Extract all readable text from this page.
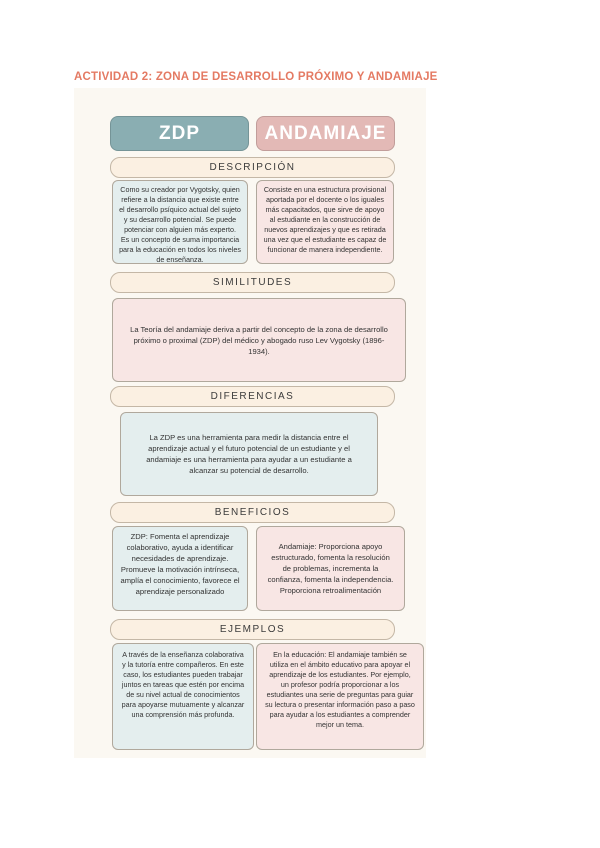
ACTIVIDAD 2: ZONA DE DESARROLLO PRÓXIMO Y ANDAMIAJE
ZDP	ANDAMIAJE
DESCRIPCIÓN
Como su creador por Vygotsky, quien refiere a la distancia que existe entre el desarrollo psíquico actual del sujeto y su desarrollo potencial. Se puede potenciar con alguien más experto. Es un concepto de suma importancia para la educación en todos los niveles de enseñanza.
Consiste en una estructura provisional aportada por el docente o los iguales más capacitados, que sirve de apoyo al estudiante en la construcción de nuevos aprendizajes y que es retirada una vez que el estudiante es capaz de funcionar de manera independiente.
SIMILITUDES
La Teoría del andamiaje deriva a partir del concepto de la zona de desarrollo próximo o proximal (ZDP) del médico y abogado ruso Lev Vygotsky (1896-1934).
DIFERENCIAS
La ZDP es una herramienta para medir la distancia entre el aprendizaje actual y el futuro potencial de un estudiante y el andamiaje es una herramienta para ayudar a un estudiante a alcanzar su potencial de desarrollo.
BENEFICIOS
ZDP: Fomenta el aprendizaje colaborativo, ayuda a identificar necesidades de aprendizaje. Promueve la motivación intrínseca, amplía el conocimiento, favorece el aprendizaje personalizado
Andamiaje: Proporciona apoyo estructurado, fomenta la resolución de problemas, incrementa la confianza, fomenta la independencia. Proporciona retroalimentación
EJEMPLOS
A través de la enseñanza colaborativa y la tutoría entre compañeros. En este caso, los estudiantes pueden trabajar juntos en tareas que estén por encima de su nivel actual de conocimientos para apoyarse mutuamente y alcanzar una comprensión más profunda.
En la educación: El andamiaje también se utiliza en el ámbito educativo para apoyar el aprendizaje de los estudiantes. Por ejemplo, un profesor podría proporcionar a los estudiantes una serie de preguntas para guiar su lectura o presentar información paso a paso para ayudar a los estudiantes a comprender mejor un tema.
